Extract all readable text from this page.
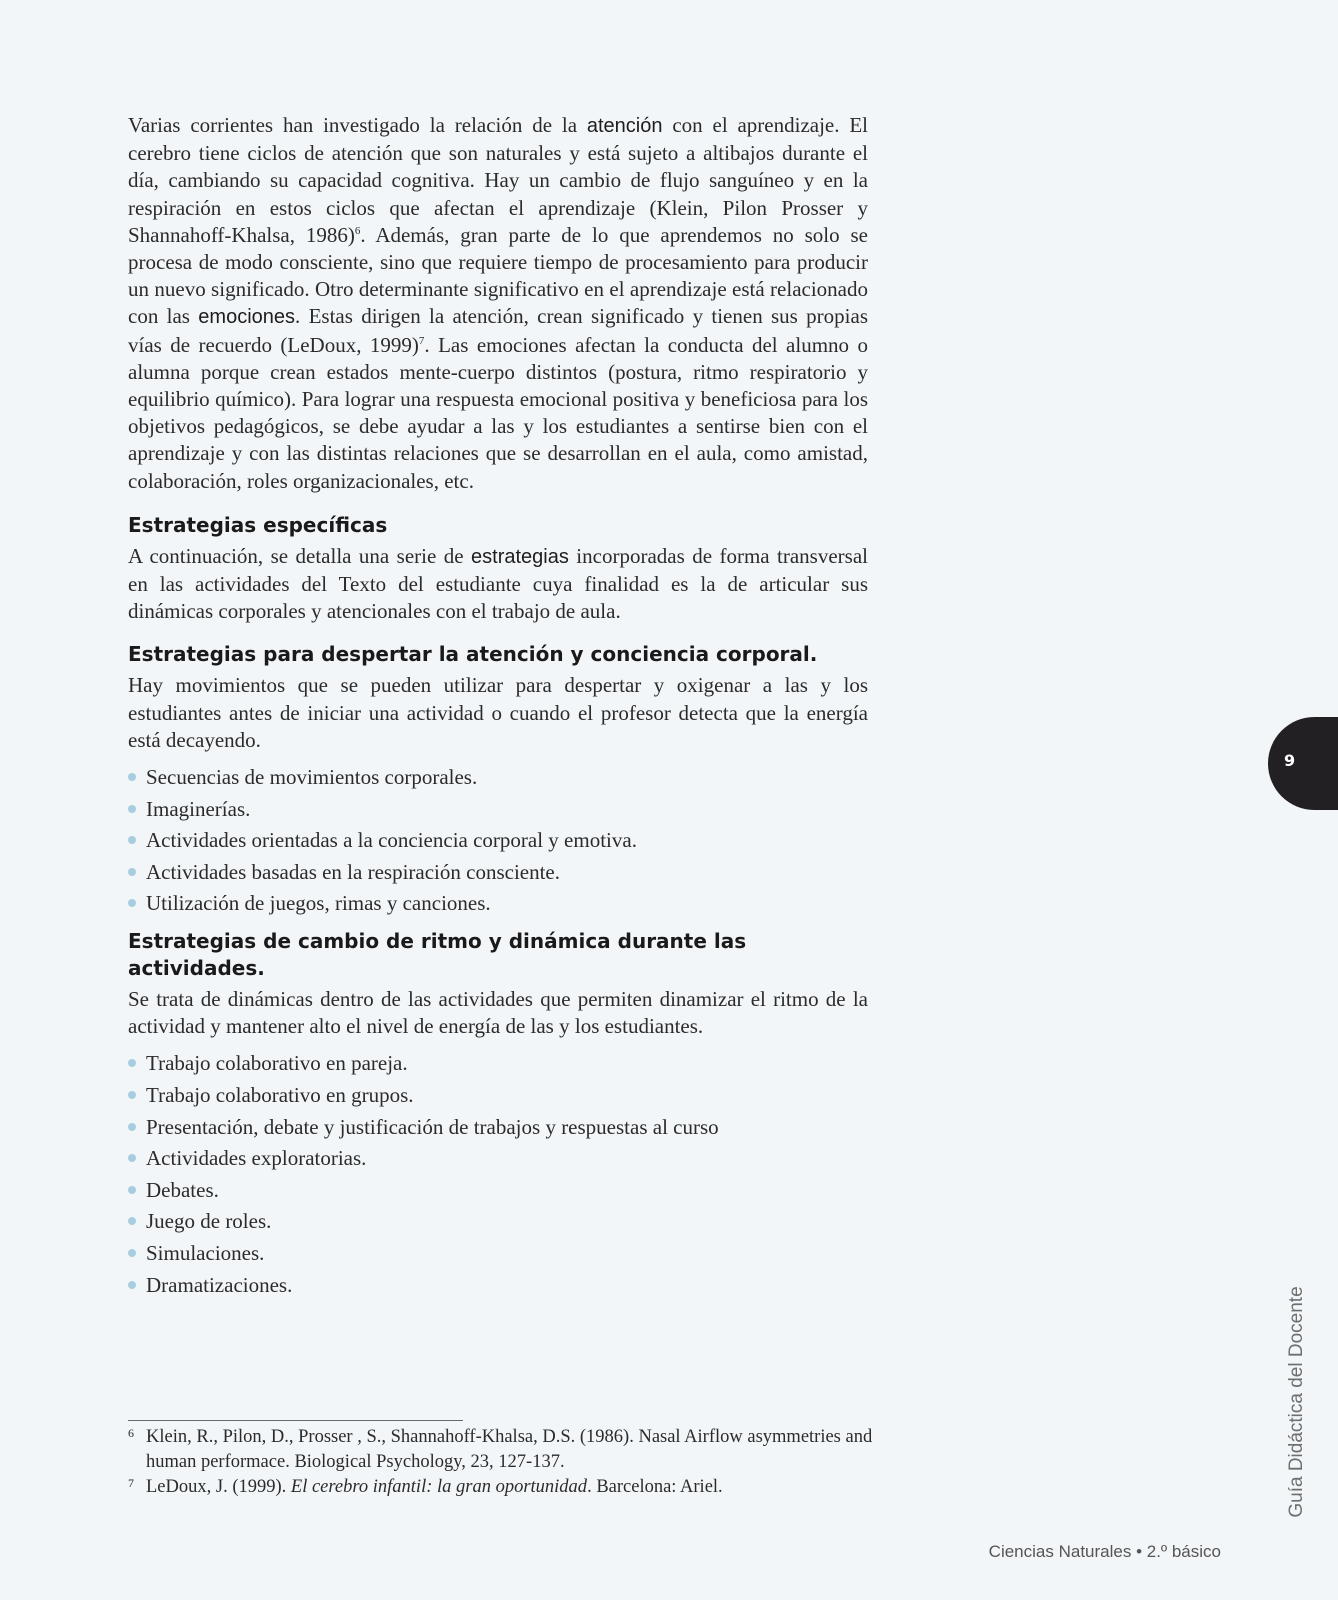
Varias corrientes han investigado la relación de la atención con el aprendizaje. El cerebro tiene ciclos de atención que son naturales y está sujeto a altibajos durante el día, cambiando su capacidad cognitiva. Hay un cambio de flujo sanguíneo y en la respiración en estos ciclos que afectan el aprendizaje (Klein, Pilon Prosser y Shannahoff-Khalsa, 1986)$^6$. Además, gran parte de lo que aprendemos no solo se procesa de modo consciente, sino que requiere tiempo de procesamiento para producir un nuevo significado. Otro determinante significativo en el aprendizaje está relacionado con las emociones. Estas dirigen la atención, crean significado y tienen sus propias vías de recuerdo (LeDoux, 1999)$^7$. Las emociones afectan la conducta del alumno o alumna porque crean estados mente-cuerpo distintos (postura, ritmo respiratorio y equilibrio químico). Para lograr una respuesta emocional positiva y beneficiosa para los objetivos pedagógicos, se debe ayudar a las y los estudiantes a sentirse bien con el aprendizaje y con las distintas relaciones que se desarrollan en el aula, como amistad, colaboración, roles organizacionales, etc.

Estrategias específicas

A continuación, se detalla una serie de estrategias incorporadas de forma transversal en las actividades del Texto del estudiante cuya finalidad es la de articular sus dinámicas corporales y atencionales con el trabajo de aula.

Estrategias para despertar la atención y conciencia corporal.

Hay movimientos que se pueden utilizar para despertar y oxigenar a las y los estudiantes antes de iniciar una actividad o cuando el profesor detecta que la energía está decayendo.

Secuencias de movimientos corporales.
Imaginerías.
Actividades orientadas a la conciencia corporal y emotiva.
Actividades basadas en la respiración consciente.
Utilización de juegos, rimas y canciones.
Estrategias de cambio de ritmo y dinámica durante las actividades.

Se trata de dinámicas dentro de las actividades que permiten dinamizar el ritmo de la actividad y mantener alto el nivel de energía de las y los estudiantes.

Trabajo colaborativo en pareja.
Trabajo colaborativo en grupos.
Presentación, debate y justificación de trabajos y respuestas al curso
Actividades exploratorias.
Debates.
Juego de roles.
Simulaciones.
Dramatizaciones.
6 Klein, R., Pilon, D., Prosser , S., Shannahoff-Khalsa, D.S. (1986). Nasal Airflow asymmetries and human performace. Biological Psychology, 23, 127-137.
7 LeDoux, J. (1999). El cerebro infantil: la gran oportunidad. Barcelona: Ariel.
9
Guía Didáctica del Docente
Ciencias Naturales • 2.º básico
